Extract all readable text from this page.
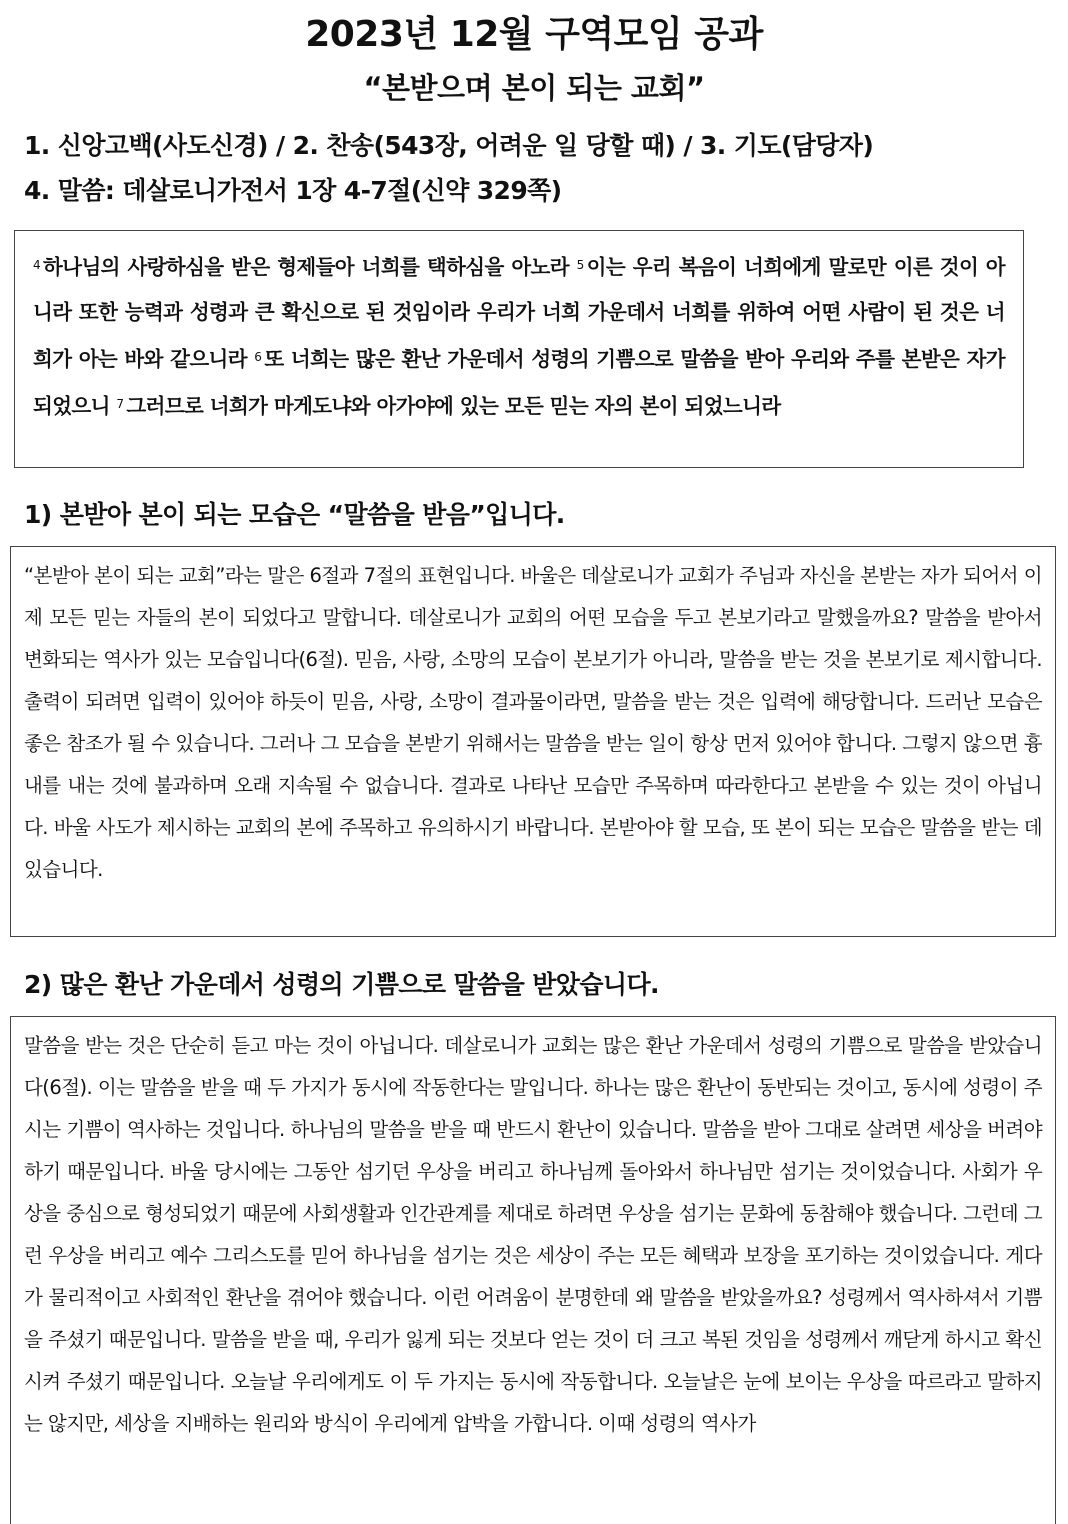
2023년 12월 구역모임 공과
“본받으며 본이 되는 교회”
1. 신앙고백(사도신경) / 2. 찬송(543장, 어려운 일 당할 때) / 3. 기도(담당자)
4. 말씀: 데살로니가전서 1장 4-7절(신약 329쪽)
$^4$ 하나님의 사랑하심을 받은 형제들아 너희를 택하심을 아노라 $^5$ 이는 우리 복음이 너희에게 말로만 이른 것이 아니라 또한 능력과 성령과 큰 확신으로 된 것임이라 우리가 너희 가운데서 너희를 위하여 어떤 사람이 된 것은 너희가 아는 바와 같으니라 $^6$ 또 너희는 많은 환난 가운데서 성령의 기쁨으로 말씀을 받아 우리와 주를 본받은 자가 되었으니 $^7$ 그러므로 너희가 마게도냐와 아가야에 있는 모든 믿는 자의 본이 되었느니라
1) 본받아 본이 되는 모습은 “말씀을 받음”입니다.
“본받아 본이 되는 교회”라는 말은 6절과 7절의 표현입니다. 바울은 데살로니가 교회가 주님과 자신을 본받는 자가 되어서 이제 모든 믿는 자들의 본이 되었다고 말합니다. 데살로니가 교회의 어떤 모습을 두고 본보기라고 말했을까요? 말씀을 받아서 변화되는 역사가 있는 모습입니다(6절). 믿음, 사랑, 소망의 모습이 본보기가 아니라, 말씀을 받는 것을 본보기로 제시합니다. 출력이 되려면 입력이 있어야 하듯이 믿음, 사랑, 소망이 결과물이라면, 말씀을 받는 것은 입력에 해당합니다. 드러난 모습은 좋은 참조가 될 수 있습니다. 그러나 그 모습을 본받기 위해서는 말씀을 받는 일이 항상 먼저 있어야 합니다. 그렇지 않으면 흉내를 내는 것에 불과하며 오래 지속될 수 없습니다. 결과로 나타난 모습만 주목하며 따라한다고 본받을 수 있는 것이 아닙니다. 바울 사도가 제시하는 교회의 본에 주목하고 유의하시기 바랍니다. 본받아야 할 모습, 또 본이 되는 모습은 말씀을 받는 데 있습니다.
2) 많은 환난 가운데서 성령의 기쁨으로 말씀을 받았습니다.
말씀을 받는 것은 단순히 듣고 마는 것이 아닙니다. 데살로니가 교회는 많은 환난 가운데서 성령의 기쁨으로 말씀을 받았습니다(6절). 이는 말씀을 받을 때 두 가지가 동시에 작동한다는 말입니다. 하나는 많은 환난이 동반되는 것이고, 동시에 성령이 주시는 기쁨이 역사하는 것입니다. 하나님의 말씀을 받을 때 반드시 환난이 있습니다. 말씀을 받아 그대로 살려면 세상을 버려야 하기 때문입니다. 바울 당시에는 그동안 섬기던 우상을 버리고 하나님께 돌아와서 하나님만 섬기는 것이었습니다. 사회가 우상을 중심으로 형성되었기 때문에 사회생활과 인간관계를 제대로 하려면 우상을 섬기는 문화에 동참해야 했습니다. 그런데 그런 우상을 버리고 예수 그리스도를 믿어 하나님을 섬기는 것은 세상이 주는 모든 혜택과 보장을 포기하는 것이었습니다. 게다가 물리적이고 사회적인 환난을 겪어야 했습니다. 이런 어려움이 분명한데 왜 말씀을 받았을까요? 성령께서 역사하셔서 기쁨을 주셨기 때문입니다. 말씀을 받을 때, 우리가 잃게 되는 것보다 얻는 것이 더 크고 복된 것임을 성령께서 깨닫게 하시고 확신시켜 주셨기 때문입니다. 오늘날 우리에게도 이 두 가지는 동시에 작동합니다. 오늘날은 눈에 보이는 우상을 따르라고 말하지는 않지만, 세상을 지배하는 원리와 방식이 우리에게 압박을 가합니다. 이때 성령의 역사가
